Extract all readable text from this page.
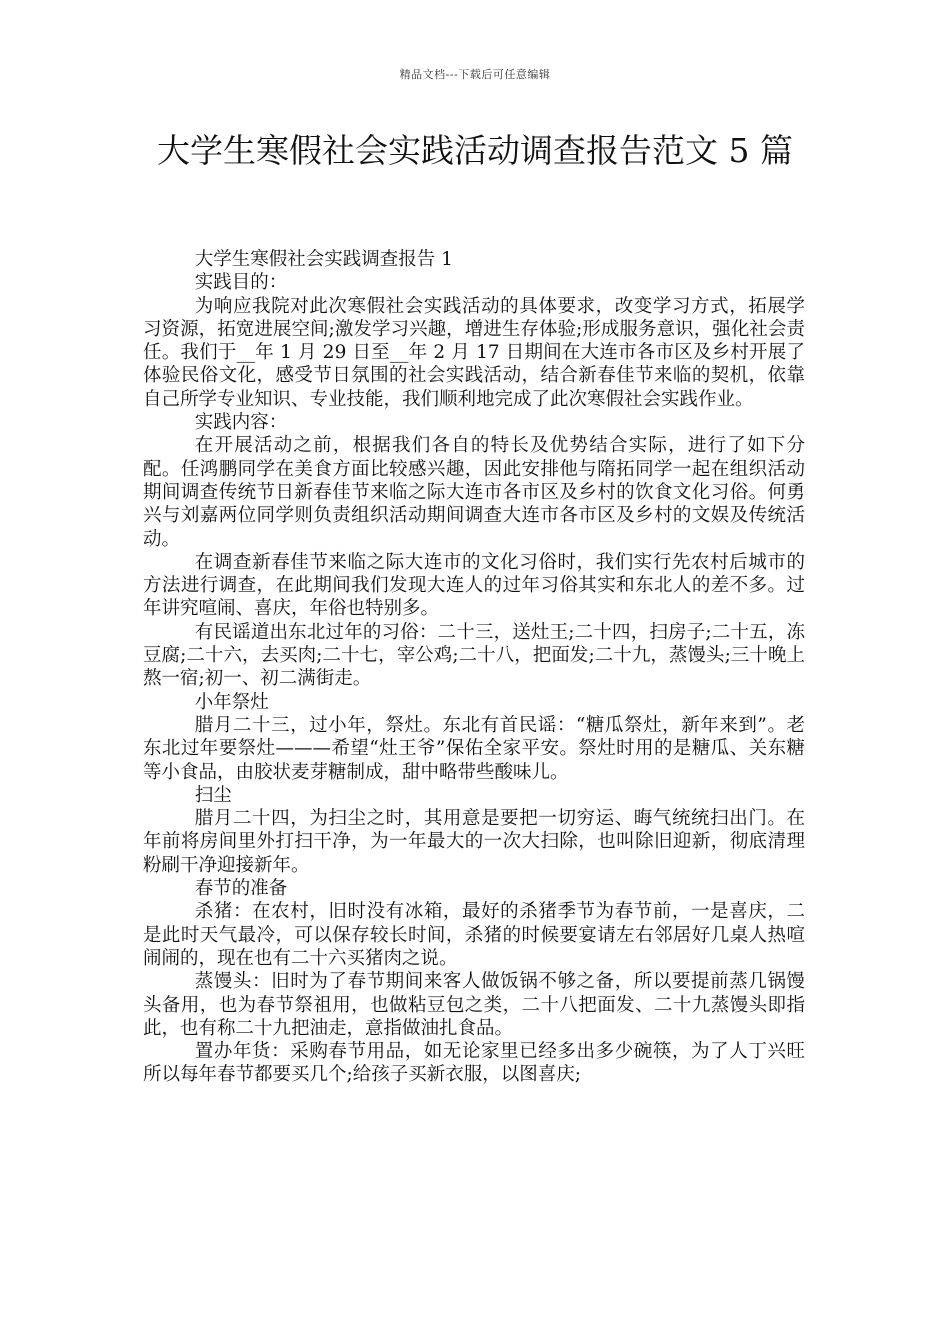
精品文档---下载后可任意编辑
大学生寒假社会实践活动调查报告范文 5 篇

大学生寒假社会实践调查报告 1

实践目的：

为响应我院对此次寒假社会实践活动的具体要求，改变学习方式，拓展学习资源，拓宽进展空间;激发学习兴趣，增进生存体验;形成服务意识，强化社会责任。我们于__年 1 月 29 日至__年 2 月 17 日期间在大连市各市区及乡村开展了体验民俗文化，感受节日氛围的社会实践活动，结合新春佳节来临的契机，依靠自己所学专业知识、专业技能，我们顺利地完成了此次寒假社会实践作业。

实践内容：

在开展活动之前，根据我们各自的特长及优势结合实际，进行了如下分配。任鸿鹏同学在美食方面比较感兴趣，因此安排他与隋拓同学一起在组织活动期间调查传统节日新春佳节来临之际大连市各市区及乡村的饮食文化习俗。何勇兴与刘嘉两位同学则负责组织活动期间调查大连市各市区及乡村的文娱及传统活动。

在调查新春佳节来临之际大连市的文化习俗时，我们实行先农村后城市的方法进行调查，在此期间我们发现大连人的过年习俗其实和东北人的差不多。过年讲究喧闹、喜庆，年俗也特别多。

有民谣道出东北过年的习俗：二十三，送灶王;二十四，扫房子;二十五，冻豆腐;二十六，去买肉;二十七，宰公鸡;二十八，把面发;二十九，蒸馒头;三十晚上熬一宿;初一、初二满街走。

小年祭灶

腊月二十三，过小年，祭灶。东北有首民谣：“糖瓜祭灶，新年来到”。老东北过年要祭灶———希望“灶王爷”保佑全家平安。祭灶时用的是糖瓜、关东糖等小食品，由胶状麦芽糖制成，甜中略带些酸味儿。

扫尘

腊月二十四，为扫尘之时，其用意是要把一切穷运、晦气统统扫出门。在年前将房间里外打扫干净，为一年最大的一次大扫除，也叫除旧迎新，彻底清理粉刷干净迎接新年。

春节的准备

杀猪：在农村，旧时没有冰箱，最好的杀猪季节为春节前，一是喜庆，二是此时天气最冷，可以保存较长时间，杀猪的时候要宴请左右邻居好几桌人热喧闹闹的，现在也有二十六买猪肉之说。

蒸馒头：旧时为了春节期间来客人做饭锅不够之备，所以要提前蒸几锅馒头备用，也为春节祭祖用，也做粘豆包之类，二十八把面发、二十九蒸馒头即指此，也有称二十九把油走，意指做油扎食品。

置办年货：采购春节用品，如无论家里已经多出多少碗筷，为了人丁兴旺所以每年春节都要买几个;给孩子买新衣服，以图喜庆;
